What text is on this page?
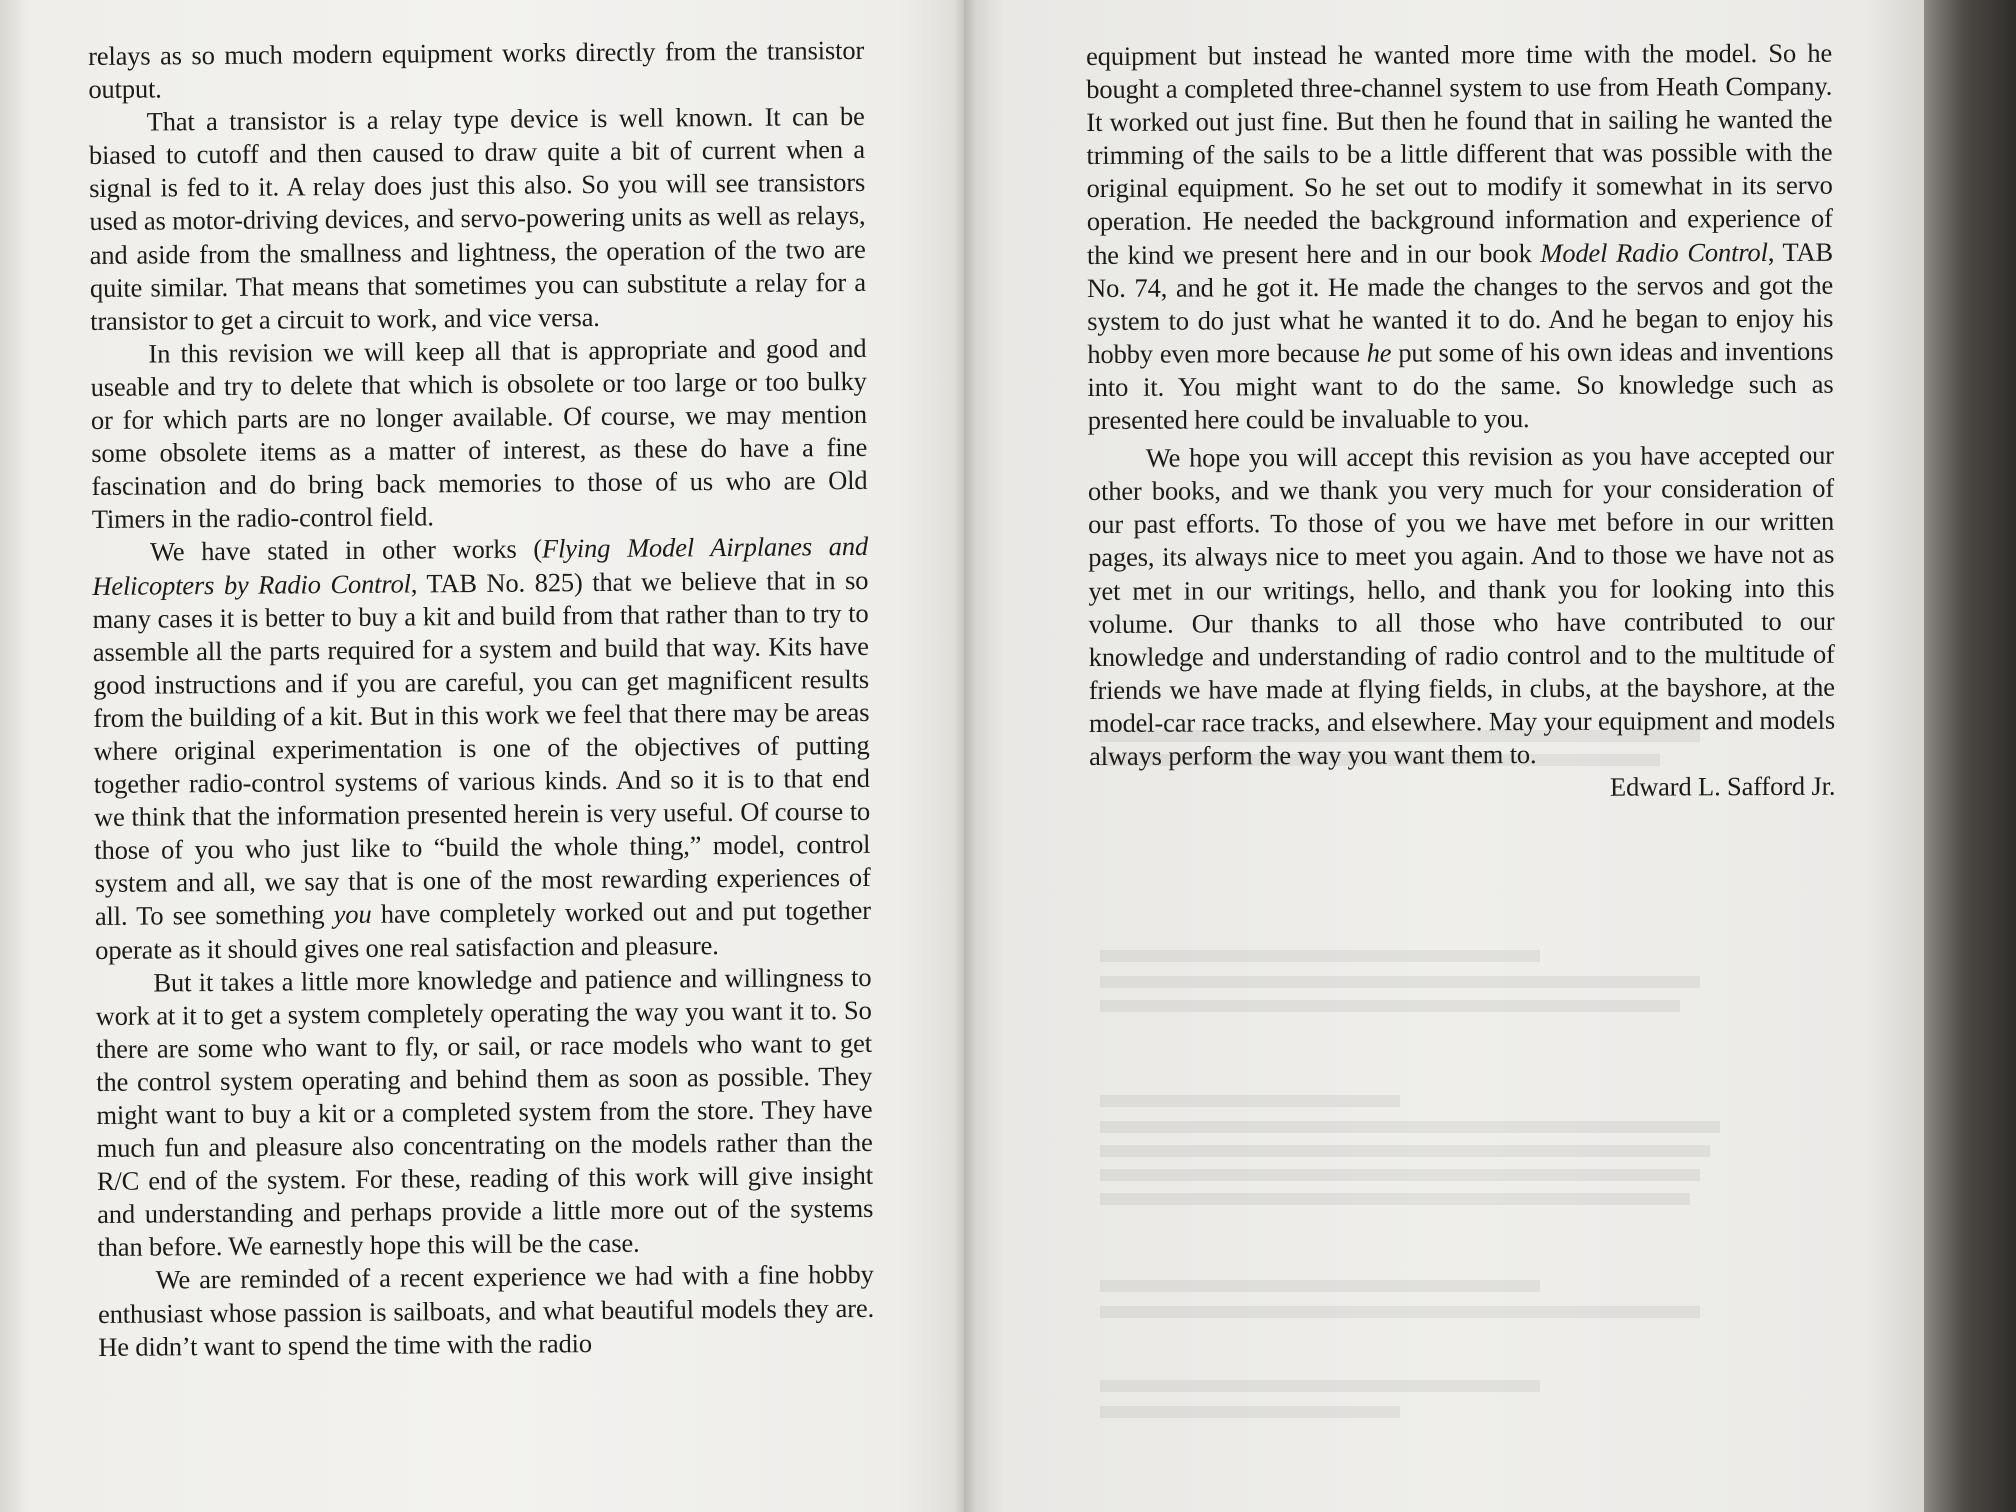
relays as so much modern equipment works directly from the transistor output.

That a transistor is a relay type device is well known. It can be biased to cutoff and then caused to draw quite a bit of current when a signal is fed to it. A relay does just this also. So you will see transistors used as motor-driving devices, and servo-powering units as well as relays, and aside from the smallness and lightness, the operation of the two are quite similar. That means that sometimes you can substitute a relay for a transistor to get a circuit to work, and vice versa.

In this revision we will keep all that is appropriate and good and useable and try to delete that which is obsolete or too large or too bulky or for which parts are no longer available. Of course, we may mention some obsolete items as a matter of interest, as these do have a fine fascination and do bring back memories to those of us who are Old Timers in the radio-control field.

We have stated in other works (Flying Model Airplanes and Helicopters by Radio Control, TAB No. 825) that we believe that in so many cases it is better to buy a kit and build from that rather than to try to assemble all the parts required for a system and build that way. Kits have good instructions and if you are careful, you can get magnificent results from the building of a kit. But in this work we feel that there may be areas where original experimentation is one of the objectives of putting together radio-control systems of various kinds. And so it is to that end we think that the information presented herein is very useful. Of course to those of you who just like to “build the whole thing,” model, control system and all, we say that is one of the most rewarding experiences of all. To see something you have completely worked out and put together operate as it should gives one real satisfaction and pleasure.

But it takes a little more knowledge and patience and willingness to work at it to get a system completely operating the way you want it to. So there are some who want to fly, or sail, or race models who want to get the control system operating and behind them as soon as possible. They might want to buy a kit or a completed system from the store. They have much fun and pleasure also concentrating on the models rather than the R/C end of the system. For these, reading of this work will give insight and understanding and perhaps provide a little more out of the systems than before. We earnestly hope this will be the case.

We are reminded of a recent experience we had with a fine hobby enthusiast whose passion is sailboats, and what beautiful models they are. He didn’t want to spend the time with the radio

equipment but instead he wanted more time with the model. So he bought a completed three-channel system to use from Heath Company. It worked out just fine. But then he found that in sailing he wanted the trimming of the sails to be a little different that was possible with the original equipment. So he set out to modify it somewhat in its servo operation. He needed the background information and experience of the kind we present here and in our book Model Radio Control, TAB No. 74, and he got it. He made the changes to the servos and got the system to do just what he wanted it to do. And he began to enjoy his hobby even more because he put some of his own ideas and inventions into it. You might want to do the same. So knowledge such as presented here could be invaluable to you.

We hope you will accept this revision as you have accepted our other books, and we thank you very much for your consideration of our past efforts. To those of you we have met before in our written pages, its always nice to meet you again. And to those we have not as yet met in our writings, hello, and thank you for looking into this volume. Our thanks to all those who have contributed to our knowledge and understanding of radio control and to the multitude of friends we have made at flying fields, in clubs, at the bayshore, at the model-car race tracks, and elsewhere. May your equipment and models always perform the way you want them to.

Edward L. Safford Jr.
